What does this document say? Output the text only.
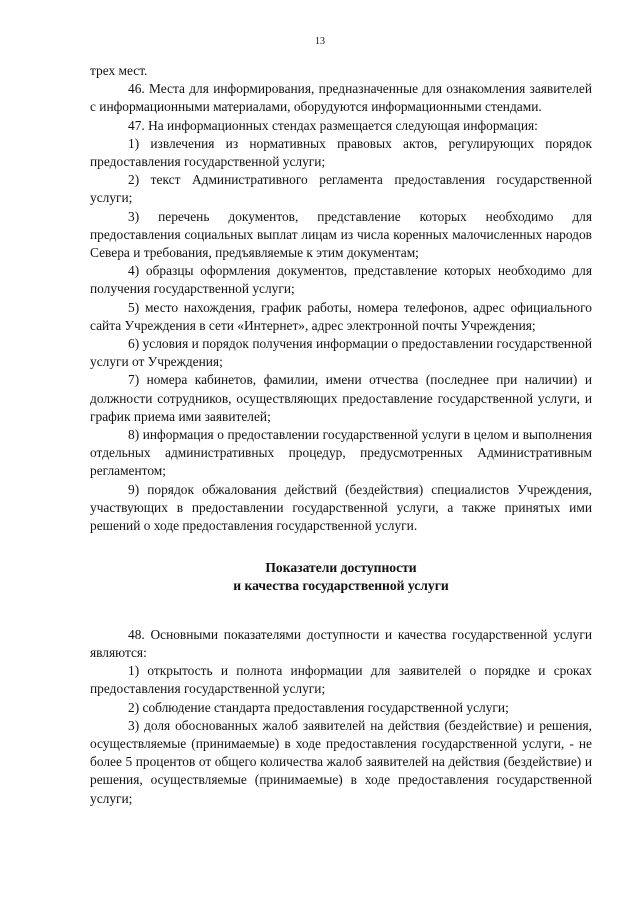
13

трех мест.

46. Места для информирования, предназначенные для ознакомления заявителей с информационными материалами, оборудуются информационными стендами.

47. На информационных стендах размещается следующая информация:

1) извлечения из нормативных правовых актов, регулирующих порядок предоставления государственной услуги;

2) текст Административного регламента предоставления государственной услуги;

3) перечень документов, представление которых необходимо для предоставления социальных выплат лицам из числа коренных малочисленных народов Севера и требования, предъявляемые к этим документам;

4) образцы оформления документов, представление которых необходимо для получения государственной услуги;

5) место нахождения, график работы, номера телефонов, адрес официального сайта Учреждения в сети «Интернет», адрес электронной почты Учреждения;

6) условия и порядок получения информации о предоставлении государственной услуги от Учреждения;

7) номера кабинетов, фамилии, имени отчества (последнее при наличии) и должности сотрудников, осуществляющих предоставление государственной услуги, и график приема ими заявителей;

8) информация о предоставлении государственной услуги в целом и выполнения отдельных административных процедур, предусмотренных Административным регламентом;

9) порядок обжалования действий (бездействия) специалистов Учреждения, участвующих в предоставлении государственной услуги, а также принятых ими решений о ходе предоставления государственной услуги.

Показатели доступности

и качества государственной услуги

48. Основными показателями доступности и качества государственной услуги являются:

1) открытость и полнота информации для заявителей о порядке и сроках предоставления государственной услуги;

2) соблюдение стандарта предоставления государственной услуги;

3) доля обоснованных жалоб заявителей на действия (бездействие) и решения, осуществляемые (принимаемые) в ходе предоставления государственной услуги, - не более 5 процентов от общего количества жалоб заявителей на действия (бездействие) и решения, осуществляемые (принимаемые) в ходе предоставления государственной услуги;
